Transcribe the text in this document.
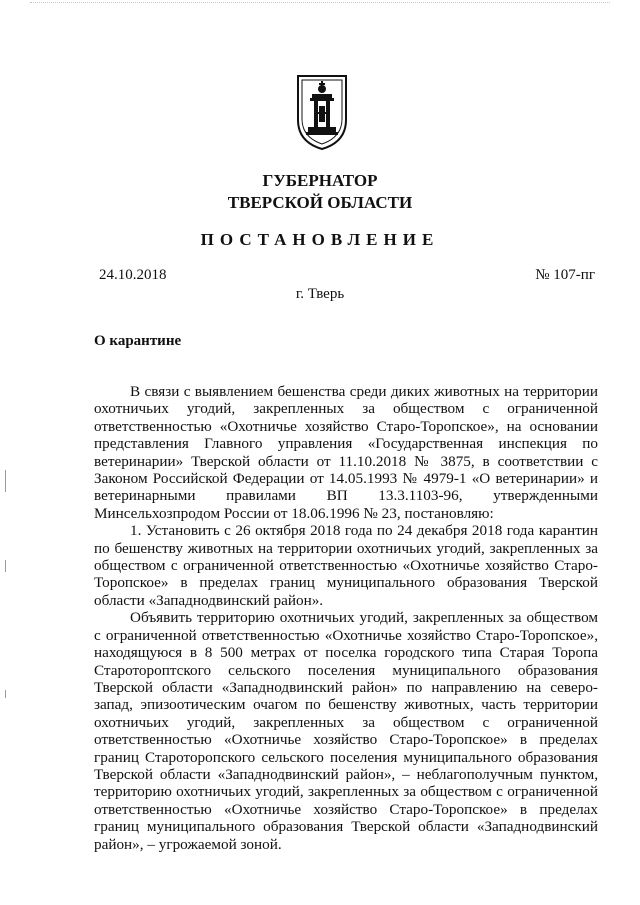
ГУБЕРНАТОР
ТВЕРСКОЙ ОБЛАСТИ
ПОСТАНОВЛЕНИЕ
24.10.2018	№ 107-пг
г. Тверь
О карантине

В связи с выявлением бешенства среди диких животных на территории охотничьих угодий, закрепленных за обществом с ограниченной ответственностью «Охотничье хозяйство Старо-Торопское», на основании представления Главного управления «Государственная инспекция по ветеринарии» Тверской области от 11.10.2018 № 3875, в соответствии с Законом Российской Федерации от 14.05.1993 № 4979-1 «О ветеринарии» и ветеринарными правилами ВП 13.3.1103-96, утвержденными Минсельхозпродом России от 18.06.1996 № 23, постановляю:

1. Установить с 26 октября 2018 года по 24 декабря 2018 года карантин по бешенству животных на территории охотничьих угодий, закрепленных за обществом с ограниченной ответственностью «Охотничье хозяйство Старо-Торопское» в пределах границ муниципального образования Тверской области «Западнодвинский район».

Объявить территорию охотничьих угодий, закрепленных за обществом с ограниченной ответственностью «Охотничье хозяйство Старо-Торопское», находящуюся в 8 500 метрах от поселка городского типа Старая Торопа Старотороптского сельского поселения муниципального образования Тверской области «Западнодвинский район» по направлению на северо-запад, эпизоотическим очагом по бешенству животных, часть территории охотничьих угодий, закрепленных за обществом с ограниченной ответственностью «Охотничье хозяйство Старо-Торопское» в пределах границ Староторопского сельского поселения муниципального образования Тверской области «Западнодвинский район», – неблагополучным пунктом, территорию охотничьих угодий, закрепленных за обществом с ограниченной ответственностью «Охотничье хозяйство Старо-Торопское» в пределах границ муниципального образования Тверской области «Западнодвинский район», – угрожаемой зоной.
